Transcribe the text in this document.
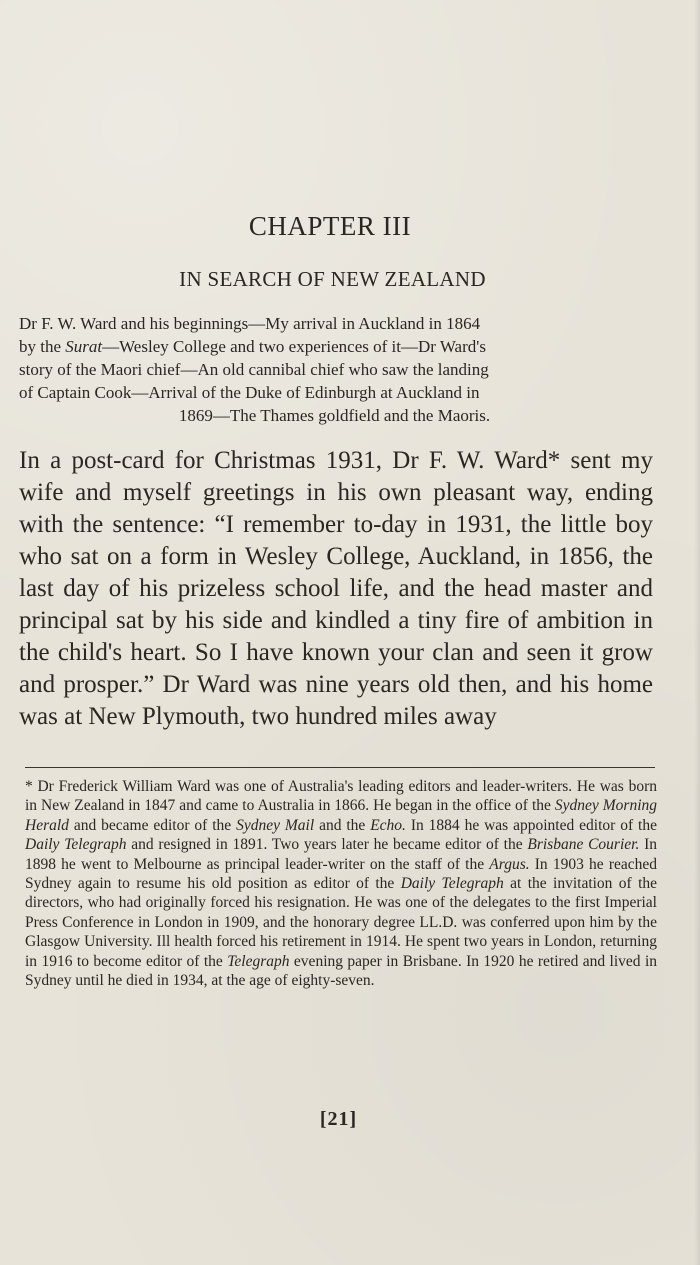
CHAPTER III
IN SEARCH OF NEW ZEALAND

Dr F. W. Ward and his beginnings—My arrival in Auckland in 1864

by the Surat—Wesley College and two experiences of it—Dr Ward's

story of the Maori chief—An old cannibal chief who saw the landing

of Captain Cook—Arrival of the Duke of Edinburgh at Auckland in

1869—The Thames goldfield and the Maoris.

In a post-card for Christmas 1931, Dr F. W. Ward* sent my wife and myself greetings in his own pleasant way, ending with the sentence: “I remember to-day in 1931, the little boy who sat on a form in Wesley College, Auckland, in 1856, the last day of his prizeless school life, and the head master and principal sat by his side and kindled a tiny fire of ambition in the child's heart. So I have known your clan and seen it grow and prosper.” Dr Ward was nine years old then, and his home was at New Plymouth, two hundred miles away

* Dr Frederick William Ward was one of Australia's leading editors and leader-writers. He was born in New Zealand in 1847 and came to Australia in 1866. He began in the office of the Sydney Morning Herald and became editor of the Sydney Mail and the Echo. In 1884 he was appointed editor of the Daily Telegraph and resigned in 1891. Two years later he became editor of the Brisbane Courier. In 1898 he went to Melbourne as principal leader-writer on the staff of the Argus. In 1903 he reached Sydney again to resume his old position as editor of the Daily Telegraph at the invitation of the directors, who had originally forced his resignation. He was one of the delegates to the first Imperial Press Conference in London in 1909, and the honorary degree LL.D. was conferred upon him by the Glasgow University. Ill health forced his retirement in 1914. He spent two years in London, returning in 1916 to become editor of the Telegraph evening paper in Brisbane. In 1920 he retired and lived in Sydney until he died in 1934, at the age of eighty-seven.

[21]
